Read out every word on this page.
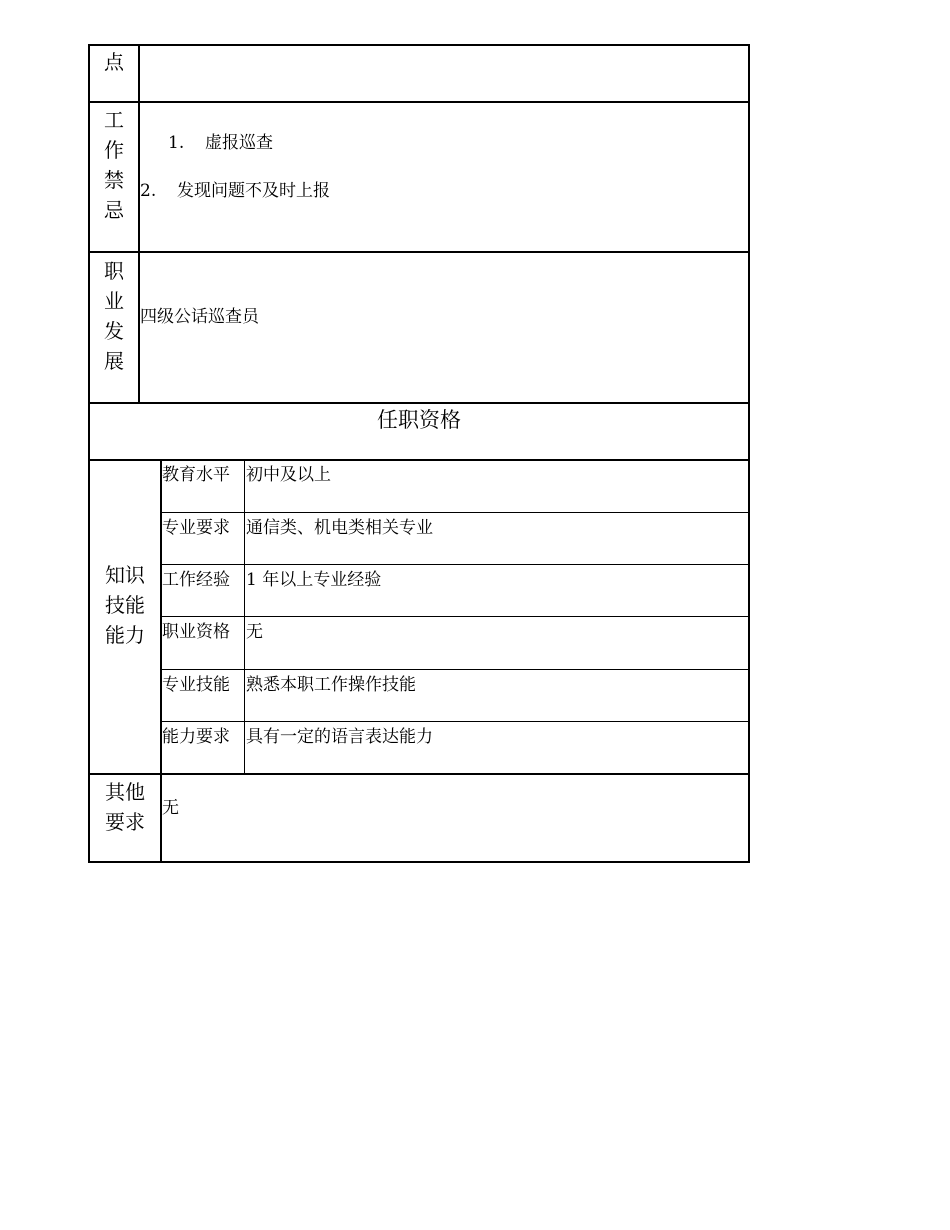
点
工
作
禁
忌
1. 虚报巡查
2. 发现问题不及时上报
职
业
发
展
四级公话巡查员
任职资格
知识
技能
能力
教育水平 初中及以上
专业要求 通信类、机电类相关专业
工作经验 1 年以上专业经验
职业资格 无
专业技能 熟悉本职工作操作技能
能力要求 具有一定的语言表达能力
其他
要求
无
